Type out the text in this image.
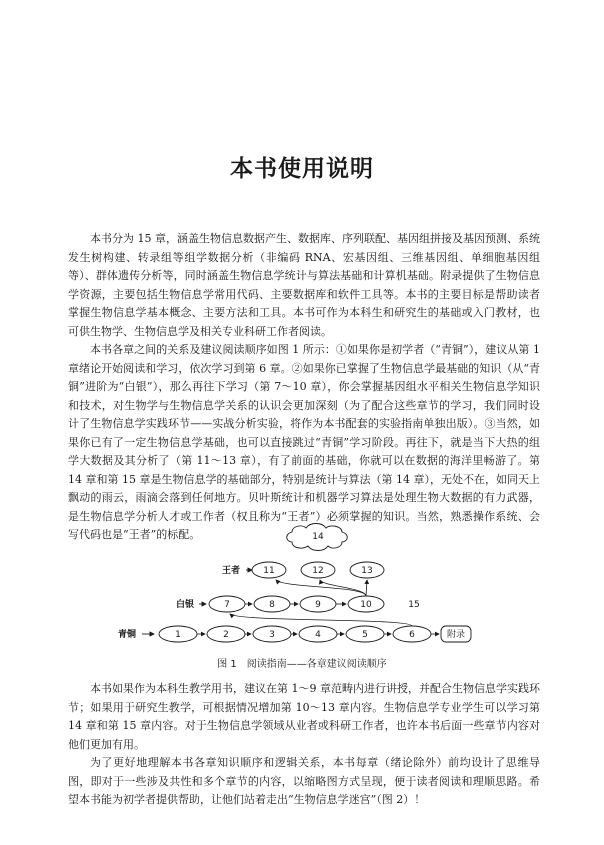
本书使用说明

本书分为 15 章，涵盖生物信息数据产生、数据库、序列联配、基因组拼接及基因预测、系统发生树构建、转录组等组学数据分析（非编码 RNA、宏基因组、三维基因组、单细胞基因组等）、群体遗传分析等，同时涵盖生物信息学统计与算法基础和计算机基础。附录提供了生物信息学资源，主要包括生物信息学常用代码、主要数据库和软件工具等。本书的主要目标是帮助读者掌握生物信息学基本概念、主要方法和工具。本书可作为本科生和研究生的基础或入门教材，也可供生物学、生物信息学及相关专业科研工作者阅读。

本书各章之间的关系及建议阅读顺序如图 1 所示：①如果你是初学者（“青铜”），建议从第 1 章绪论开始阅读和学习，依次学习到第 6 章。②如果你已掌握了生物信息学最基础的知识（从“青铜”进阶为“白银”），那么再往下学习（第 7～10 章），你会掌握基因组水平相关生物信息学知识和技术，对生物学与生物信息学关系的认识会更加深刻（为了配合这些章节的学习，我们同时设计了生物信息学实践环节——实战分析实验，将作为本书配套的实验指南单独出版）。③当然，如果你已有了一定生物信息学基础，也可以直接跳过“青铜”学习阶段。再往下，就是当下大热的组学大数据及其分析了（第 11～13 章），有了前面的基础，你就可以在数据的海洋里畅游了。第 14 章和第 15 章是生物信息学的基础部分，特别是统计与算法（第 14 章），无处不在，如同天上飘动的雨云，雨滴会落到任何地方。贝叶斯统计和机器学习算法是处理生物大数据的有力武器，是生物信息学分析人才或工作者（权且称为“王者”）必须掌握的知识。当然，熟悉操作系统、会写代码也是“王者”的标配。	14
王者	11	12	13
白银	7	8	9	10	15
青铜	1	2	3	4	5	6	附录
图 1　阅读指南——各章建议阅读顺序

本书如果作为本科生教学用书，建议在第 1～9 章范畴内进行讲授，并配合生物信息学实践环节；如果用于研究生教学，可根据情况增加第 10～13 章内容。生物信息学专业学生可以学习第 14 章和第 15 章内容。对于生物信息学领域从业者或科研工作者，也许本书后面一些章节内容对他们更加有用。

为了更好地理解本书各章知识顺序和逻辑关系，本书每章（绪论除外）前均设计了思维导图，即对于一些涉及共性和多个章节的内容，以缩略图方式呈现，便于读者阅读和理顺思路。希望本书能为初学者提供帮助，让他们站着走出“生物信息学迷宫”（图 2）！
